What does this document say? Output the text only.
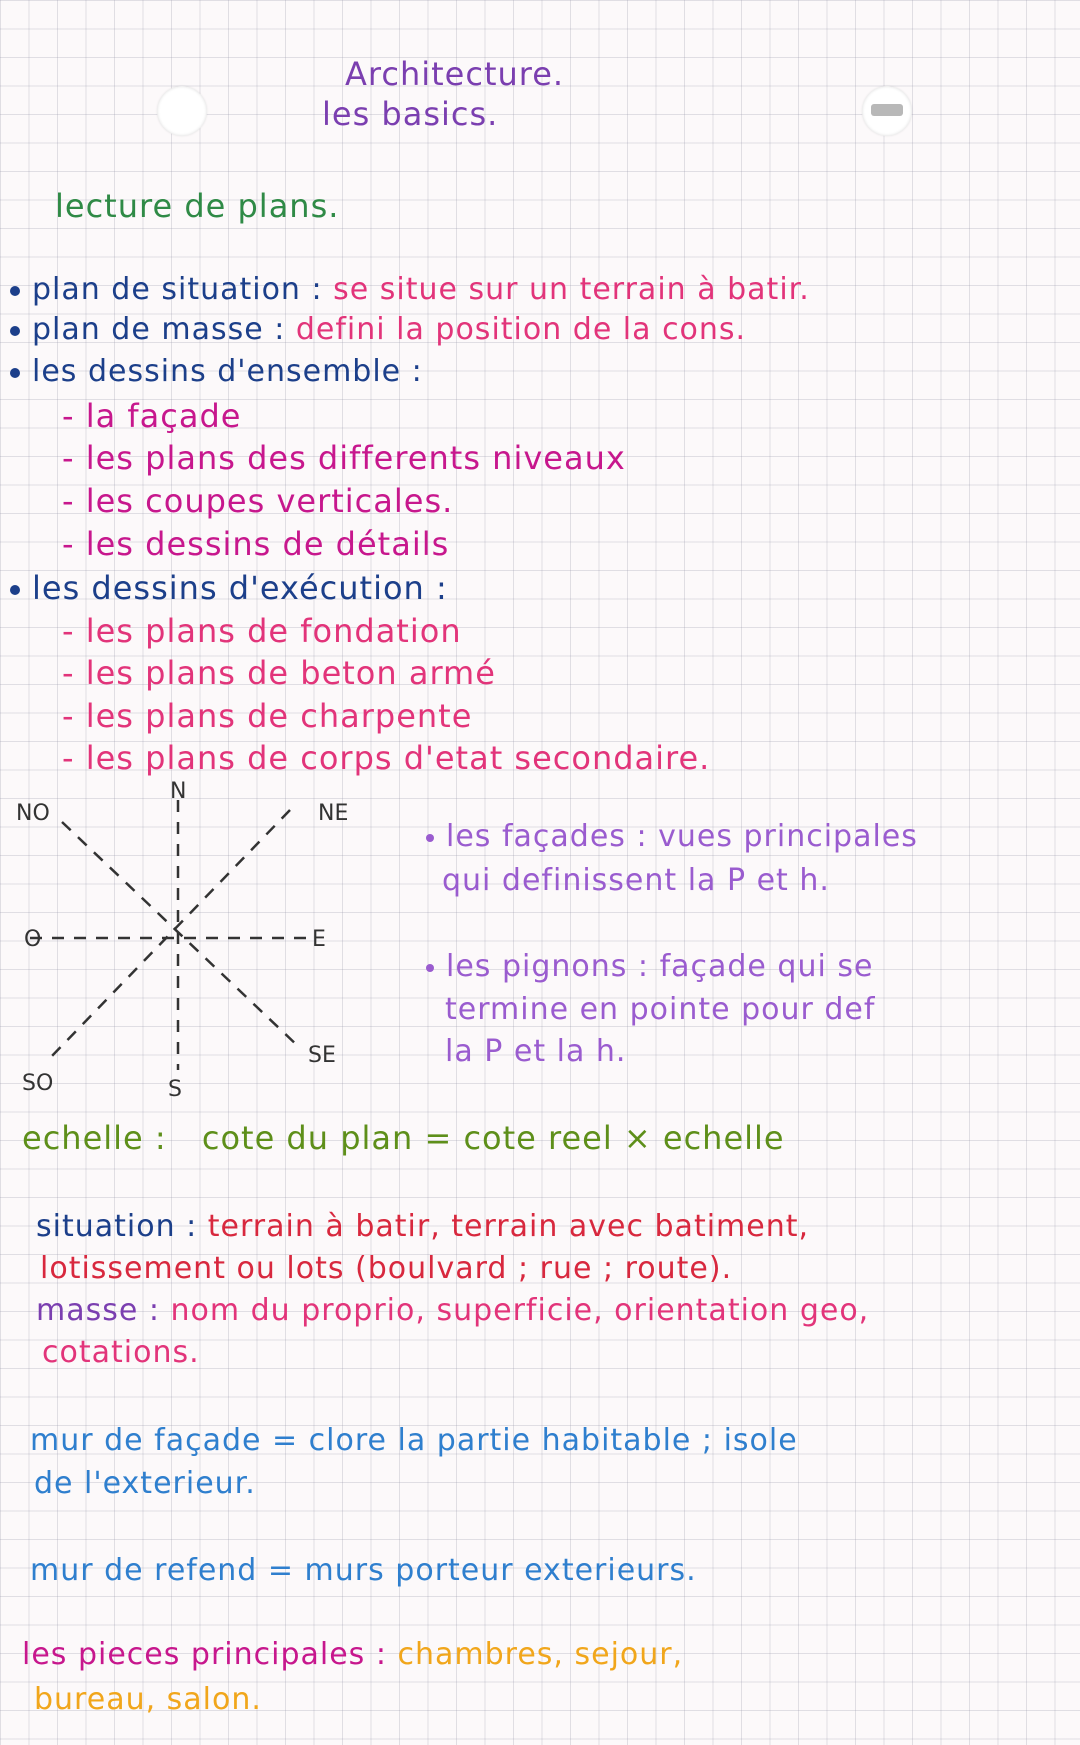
Architecture.
les basics.
lecture de plans.
plan de situation : se situe sur un terrain à batir.
plan de masse : defini la position de la cons.
les dessins d'ensemble :
- la façade
- les plans des differents niveaux
- les coupes verticales.
- les dessins de détails
les dessins d'exécution :
- les plans de fondation
- les plans de beton armé
- les plans de charpente
- les plans de corps d'etat secondaire.
N
NE
E
SE
S
SO
O
NO
les façades : vues principales
qui definissent la P et h.
les pignons : façade qui se
termine en pointe pour def
la P et la h.
echelle : cote du plan = cote reel × echelle
situation : terrain à batir, terrain avec batiment,
lotissement ou lots (boulvard ; rue ; route).
masse : nom du proprio, superficie, orientation geo,
cotations.
mur de façade = clore la partie habitable ; isole
de l'exterieur.
mur de refend = murs porteur exterieurs.
les pieces principales : chambres, sejour,
bureau, salon.
